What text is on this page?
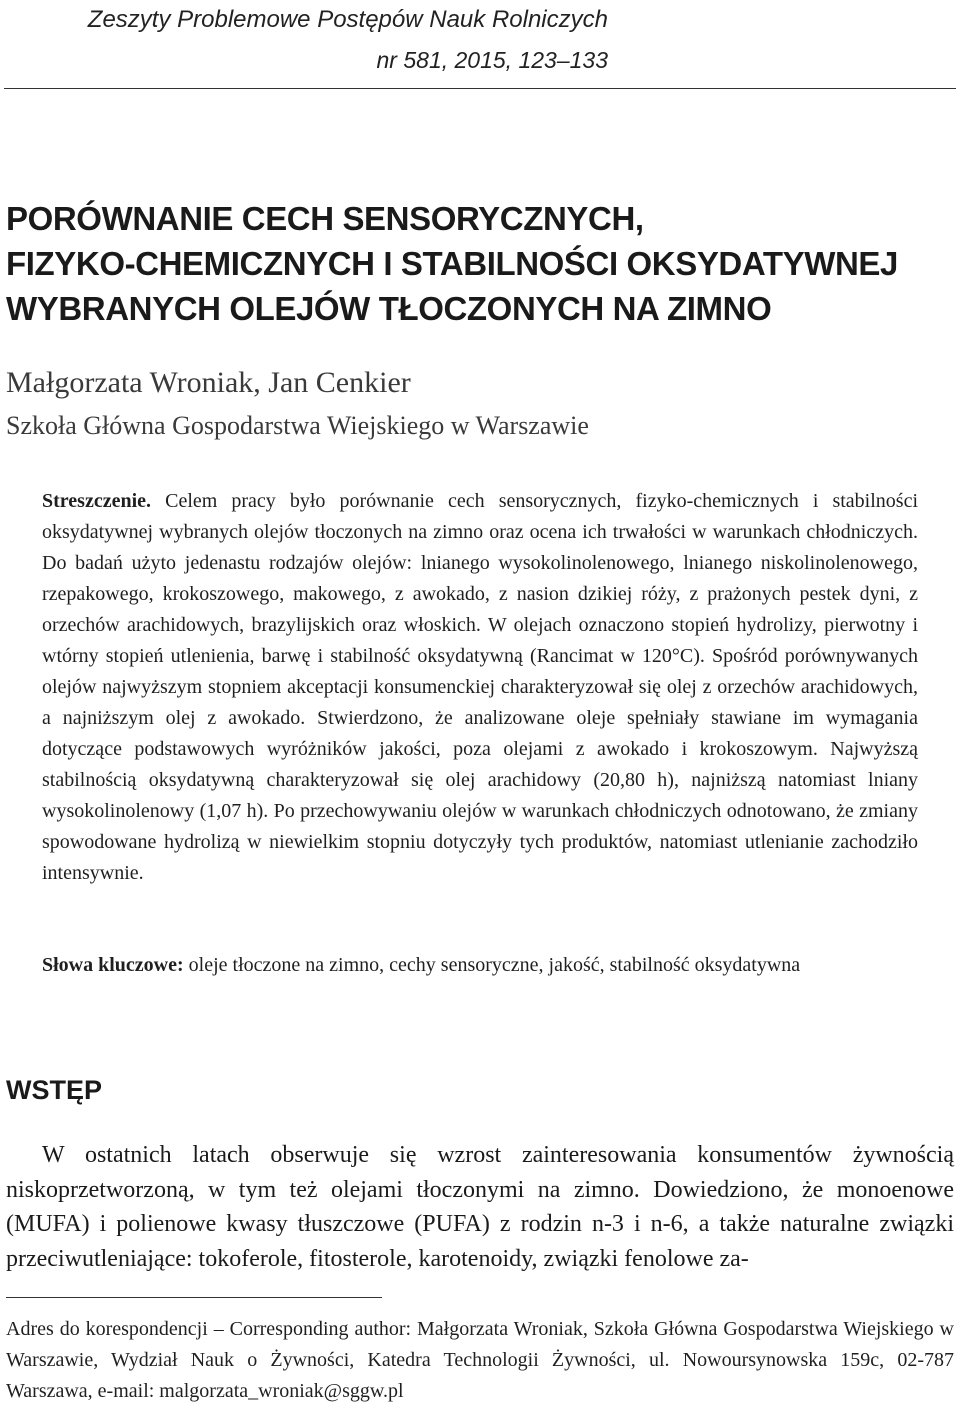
Zeszyty Problemowe Postępów Nauk Rolniczych
nr 581, 2015, 123–133
PORÓWNANIE CECH SENSORYCZNYCH,
FIZYKO-CHEMICZNYCH I STABILNOŚCI OKSYDATYWNEJ
WYBRANYCH OLEJÓW TŁOCZONYCH NA ZIMNO
Małgorzata Wroniak, Jan Cenkier
Szkoła Główna Gospodarstwa Wiejskiego w Warszawie
Streszczenie. Celem pracy było porównanie cech sensorycznych, fizyko-chemicznych i stabilności oksydatywnej wybranych olejów tłoczonych na zimno oraz ocena ich trwałości w warunkach chłodniczych. Do badań użyto jedenastu rodzajów olejów: lnianego wysokolinolenowego, lnianego niskolinolenowego, rzepakowego, krokoszowego, makowego, z awokado, z nasion dzikiej róży, z prażonych pestek dyni, z orzechów arachidowych, brazylijskich oraz włoskich. W olejach oznaczono stopień hydrolizy, pierwotny i wtórny stopień utlenienia, barwę i stabilność oksydatywną (Rancimat w 120°C). Spośród porównywanych olejów najwyższym stopniem akceptacji konsumenckiej charakteryzował się olej z orzechów arachidowych, a najniższym olej z awokado. Stwierdzono, że analizowane oleje spełniały stawiane im wymagania dotyczące podstawowych wyróżników jakości, poza olejami z awokado i krokoszowym. Najwyższą stabilnością oksydatywną charakteryzował się olej arachidowy (20,80 h), najniższą natomiast lniany wysokolinolenowy (1,07 h). Po przechowywaniu olejów w warunkach chłodniczych odnotowano, że zmiany spowodowane hydrolizą w niewielkim stopniu dotyczyły tych produktów, natomiast utlenianie zachodziło intensywnie.
Słowa kluczowe: oleje tłoczone na zimno, cechy sensoryczne, jakość, stabilność oksydatywna
WSTĘP
W ostatnich latach obserwuje się wzrost zainteresowania konsumentów żywnością niskoprzetworzoną, w tym też olejami tłoczonymi na zimno. Dowiedziono, że monoenowe (MUFA) i polienowe kwasy tłuszczowe (PUFA) z rodzin n-3 i n-6, a także naturalne związki przeciwutleniające: tokoferole, fitosterole, karotenoidy, związki fenolowe za-
Adres do korespondencji – Corresponding author: Małgorzata Wroniak, Szkoła Główna Gospodarstwa Wiejskiego w Warszawie, Wydział Nauk o Żywności, Katedra Technologii Żywności, ul. Nowoursynowska 159c, 02-787 Warszawa, e-mail: malgorzata_wroniak@sggw.pl
